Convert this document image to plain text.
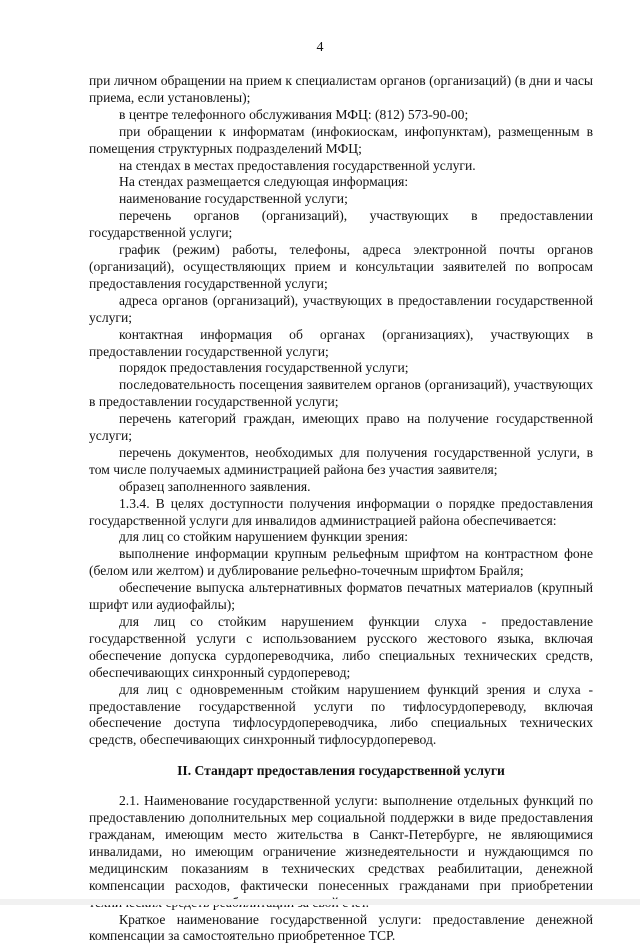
4

при личном обращении на прием к специалистам органов (организаций) (в дни и часы приема, если установлены);

в центре телефонного обслуживания МФЦ: (812) 573-90-00;

при обращении к информатам (инфокиоскам, инфопунктам), размещенным в помещения структурных подразделений МФЦ;

на стендах в местах предоставления государственной услуги.

На стендах размещается следующая информация:

наименование государственной услуги;

перечень органов (организаций), участвующих в предоставлении государственной услуги;

график (режим) работы, телефоны, адреса электронной почты органов (организаций), осуществляющих прием и консультации заявителей по вопросам предоставления государственной услуги;

адреса органов (организаций), участвующих в предоставлении государственной услуги;

контактная информация об органах (организациях), участвующих в предоставлении государственной услуги;

порядок предоставления государственной услуги;

последовательность посещения заявителем органов (организаций), участвующих в предоставлении государственной услуги;

перечень категорий граждан, имеющих право на получение государственной услуги;

перечень документов, необходимых для получения государственной услуги, в том числе получаемых администрацией района без участия заявителя;

образец заполненного заявления.

1.3.4. В целях доступности получения информации о порядке предоставления государственной услуги для инвалидов администрацией района обеспечивается:

для лиц со стойким нарушением функции зрения:

выполнение информации крупным рельефным шрифтом на контрастном фоне (белом или желтом) и дублирование рельефно-точечным шрифтом Брайля;

обеспечение выпуска альтернативных форматов печатных материалов (крупный шрифт или аудиофайлы);

для лиц со стойким нарушением функции слуха - предоставление государственной услуги с использованием русского жестового языка, включая обеспечение допуска сурдопереводчика, либо специальных технических средств, обеспечивающих синхронный сурдоперевод;

для лиц с одновременным стойким нарушением функций зрения и слуха - предоставление государственной услуги по тифлосурдопереводу, включая обеспечение доступа тифлосурдопереводчика, либо специальных технических средств, обеспечивающих синхронный тифлосурдоперевод.

II. Стандарт предоставления государственной услуги

2.1. Наименование государственной услуги: выполнение отдельных функций по предоставлению дополнительных мер социальной поддержки в виде предоставления гражданам, имеющим место жительства в Санкт-Петербурге, не являющимися инвалидами, но имеющим ограничение жизнедеятельности и нуждающимся по медицинским показаниям в технических средствах реабилитации, денежной компенсации расходов, фактически понесенных гражданами при приобретении

Краткое наименование государственной услуги: предоставление денежной компенсации за самостоятельно приобретенное ТСР.
